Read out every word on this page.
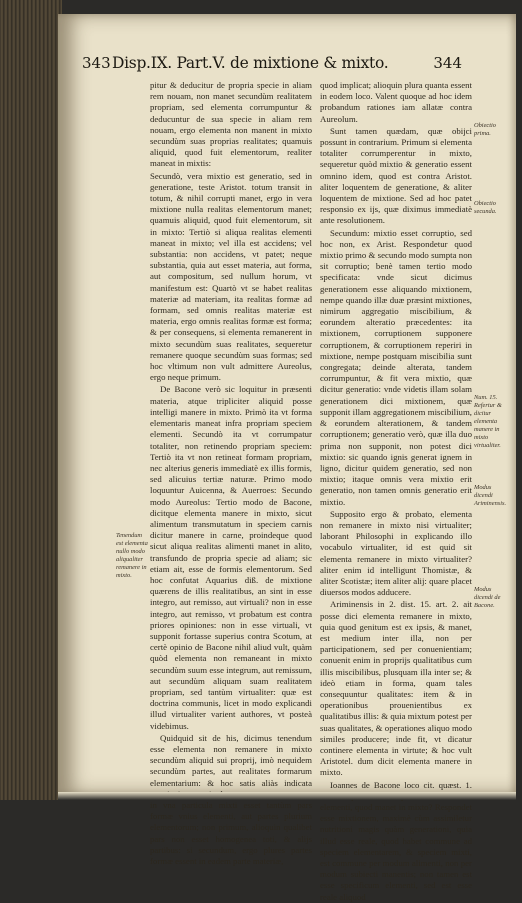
343 Disp.IX. Part.V. de mixtione & mixto.	344

pitur & deducitur de propria specie in aliam rem nouam, non manet secundùm realitatem propriam, sed elementa corrumpuntur & deducuntur de sua specie in aliam rem nouam, ergo elementa non manent in mixto secundùm suas proprias realitates; quamuis aliquid, quod fuit elementorum, realiter maneat in mixtis:

Secundò, vera mixtio est generatio, sed in generatione, teste Aristot. totum transit in totum, & nihil corrupti manet, ergo in vera mixtione nulla realitas elementorum manet; quamuis aliquid, quod fuit elementorum, sit in mixto: Tertiò si aliqua realitas elementi maneat in mixto; vel illa est accidens; vel substantia: non accidens, vt patet; neque substantia, quia aut esset materia, aut forma, aut compositum, sed nullum horum, vt manifestum est: Quartò vt se habet realitas materiæ ad materiam, ita realitas formæ ad formam, sed omnis realitas materiæ est materia, ergo omnis realitas formæ est forma; & per consequens, si elementa remanerent in mixto secundùm suas realitates, sequeretur remanere quoque secundùm suas formas; sed hoc vltimum non vult admittere Aureolus, ergo neque primum.

De Bacone verò sic loquitur in præsenti materia, atque tripliciter aliquid posse intelligi manere in mixto. Primò ita vt forma elementaris maneat infra propriam speciem elementi. Secundò ita vt corrumpatur totaliter, non retinendo propriam speciem: Tertiò ita vt non retineat formam propriam, nec alterius generis immediatè ex illis formis, sed alicuius tertiæ naturæ. Primo modo loquuntur Auicenna, & Auerroes: Secundo modo Aureolus: Tertio modo de Bacone, dicitque elementa manere in mixto, sicut alimentum transmutatum in speciem carnis dicitur manere in carne, proindeque quod sicut aliqua realitas alimenti manet in alito, transfundo de propria specie ad aliam; sic etiam ait, esse de formis elementorum. Sed hoc confutat Aquarius diß. de mixtione quærens de illis realitatibus, an sint in esse integro, aut remisso, aut virtuali? non in esse integro, aut remisso, vt probatum est contra priores opiniones: non in esse virtuali, vt supponit fortasse superius contra Scotum, at certè opinio de Bacone nihil aliud vult, quàm quòd elementa non remaneant in mixto secundùm suum esse integrum, aut remissum, aut secundùm aliquam suam realitatem propriam, sed tantùm virtualiter: quæ est doctrina communis, licet in modo explicandi illud virtualiter varient authores, vt posteà videbimus.

Quidquid sit de his, dicimus tenendum esse elementa non remanere in mixto secundùm aliquid sui proprij, imò nequidem secundùm partes, aut realitates formarum elementarium: & hoc satis aliàs indicata in vna particula mixti esset tantùm pars formæ vnius elementi, aut partes plurium elementorum; non primum, alioquin qualibet pars non esset homogenea toti, & alijs partibus: si secundum, ergo plures partes formæ essent in eadem parte materiæ,

quod implicat; alioquin plura quanta essent in eodem loco. Valent quoque ad hoc idem probandum rationes iam allatæ contra Aureolum.

Sunt tamen quædam, quæ obijci possunt in contrarium. Primum si elementa totaliter corrumperentur in mixto, sequeretur quòd mixtio & generatio essent omnino idem, quod est contra Aristot. aliter loquentem de generatione, & aliter loquentem de mixtione. Sed ad hoc patet responsio ex ijs, quæ diximus immediatè ante resolutionem.

Secundum: mixtio esset corruptio, sed hoc non, ex Arist. Respondetur quod mixtio primo & secundo modo sumpta non sit corruptio; benè tamen tertio modo specificata: vnde sicut dicimus generationem esse aliquando mixtionem, nempe quando illæ duæ præsint mixtiones, nimirum aggregatio miscibilium, & eorundem alteratio præcedentes: ita mixtionem, corruptionem supponere corruptionem, & corruptionem reperiri in mixtione, nempe postquam miscibilia sunt congregata; deinde alterata, tandem corrumpuntur, & fit vera mixtio, quæ dicitur generatio: vnde videtis illam solam generationem dici mixtionem, quæ supponit illam aggregationem miscibilium, & eorundem alterationem, & tandem corruptionem; generatio verò, quæ illa duo prima non supponit, non potest dici mixtio: sic quando ignis generat ignem in ligno, dicitur quidem generatio, sed non mixtio; itaque omnis vera mixtio erit generatio, non tamen omnis generatio erit mixtio.

Supposito ergo & probato, elementa non remanere in mixto nisi virtualiter; laborant Philosophi in explicando illo vocabulo virtualiter, id est quid sit elementa remanere in mixto virtualiter? aliter enim id intelligunt Thomistæ, & aliter Scotistæ; item aliter alij: quare placet diuersos modos adducere.

Ariminensis in 2. dist. 15. art. 2. ait posse dici elementa remanere in mixto, quia quod genitum est ex ipsis, & manet, est medium inter illa, non per participationem, sed per conuenientiam; conuenit enim in proprijs qualitatibus cum illis miscibilibus, plusquam illa inter se; & ideò etiam in forma, quam tales consequuntur qualitates: item & in operationibus prouenientibus ex qualitatibus illis: & quia mixtum potest per suas qualitates, & operationes aliquo modo similes producere; inde fit, vt dicatur continere elementa in virtute; & hoc vult Aristotel. dum dicit elementa manere in mixto.

Ioannes de Bacone loco cit. quæst. 1. elementi, quod manet in mixto? Respondet esse mixtionem, maximè cùm assimiletur nutritioni magis quàm generationi, quia illud esse reale, quod habet commune ad speciem elementarem, & speciem mixti, est commune per modum alimenti, non per modum subiecti manentis; non tamen est esse specificum elementi, sed est esse reale aliquod

Tenendum est elementa nullo modo aliqualiter remanere in mixto.
Obiectio prima.
Obiectio secunda.
Num. 15. Refertur & dicitur elementa manere in mixto virtualiter.
Modus dicendi Ariminensis.
Modus dicendi de Bacone.
